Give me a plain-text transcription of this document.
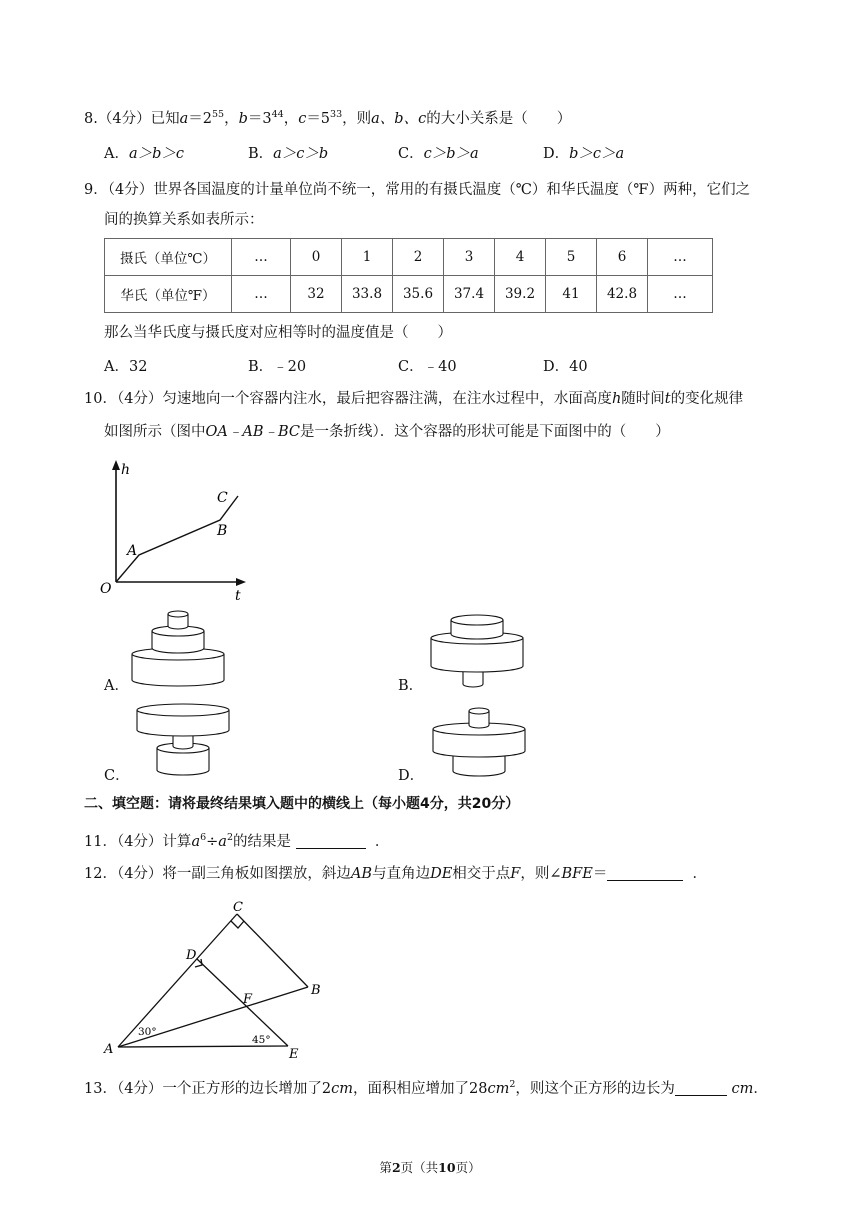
8.（4分）已知$a=2^{55}$，$b=3^{44}$，$c=5^{33}$，则a、b、c的大小关系是（　　）
A．a＞b＞c	B．a＞c＞b	C．c＞b＞a	D．b＞c＞a
9．（4分）世界各国温度的计量单位尚不统一，常用的有摄氏温度（℃）和华氏温度（℉）两种，它们之
间的换算关系如表所示：
摄氏（单位℃）	…	0	1	2	3	4	5	6	…
华氏（单位℉）	…	32	33.8	35.6	37.4	39.2	41	42.8	…
那么当华氏度与摄氏度对应相等时的温度值是（　　）
A．32	B．﹣20	C．﹣40	D．40
10．（4分）匀速地向一个容器内注水，最后把容器注满，在注水过程中，水面高度h随时间t的变化规律
如图所示（图中OA﹣AB﹣BC是一条折线）．这个容器的形状可能是下面图中的（　　）
h
t
O
A
B
C
A．	B．
C．	D．
二、填空题：请将最终结果填入题中的横线上（每小题4分，共20分）
11．（4分）计算$a^6\div a^2$的结果是	．
12．（4分）将一副三角板如图摆放，斜边AB与直角边DE相交于点F，则∠BFE＝	．
C
D
B
F
A	E
30°
45°
13．（4分）一个正方形的边长增加了2cm，面积相应增加了$28cm^2$，则这个正方形的边长为	cm．
第2页（共10页）
